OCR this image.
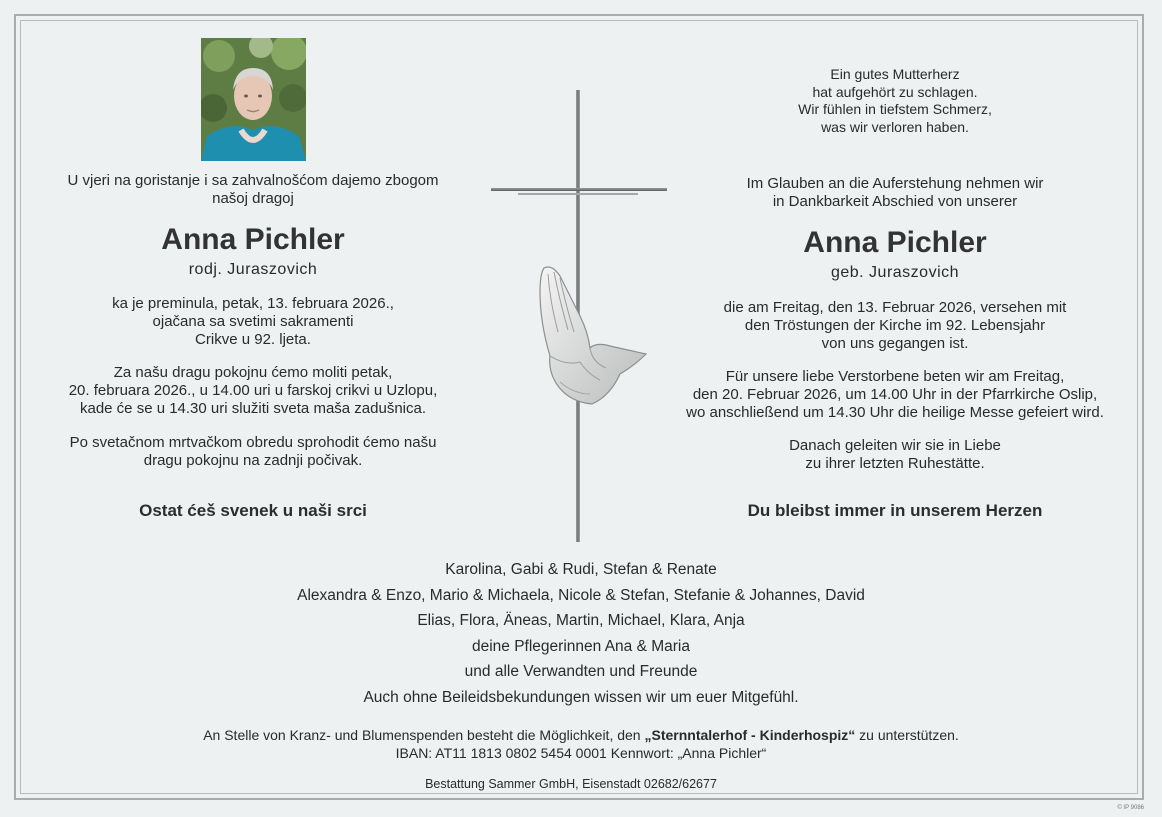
U vjeri na goristanje i sa zahvalnošćom dajemo zbogom

našoj dragoj

Anna Pichler
rodj. Juraszovich

ka je preminula, petak, 13. februara 2026.,

ojačana sa svetimi sakramenti

Crikve u 92. ljeta.

Za našu dragu pokojnu ćemo moliti petak,

20. februara 2026., u 14.00 uri u farskoj crikvi u Uzlopu,

kade će se u 14.30 uri služiti sveta maša zadušnica.

Po svetačnom mrtvačkom obredu sprohodit ćemo našu

dragu pokojnu na zadnji počivak.

Ostat ćeš svenek u naši srci

Ein gutes Mutterherz

hat aufgehört zu schlagen.

Wir fühlen in tiefstem Schmerz,

was wir verloren haben.

Im Glauben an die Auferstehung nehmen wir

in Dankbarkeit Abschied von unserer

Anna Pichler
geb. Juraszovich

die am Freitag, den 13. Februar 2026, versehen mit

den Tröstungen der Kirche im 92. Lebensjahr

von uns gegangen ist.

Für unsere liebe Verstorbene beten wir am Freitag,

den 20. Februar 2026, um 14.00 Uhr in der Pfarrkirche Oslip,

wo anschließend um 14.30 Uhr die heilige Messe gefeiert wird.

Danach geleiten wir sie in Liebe

zu ihrer letzten Ruhestätte.

Du bleibst immer in unserem Herzen

Karolina, Gabi & Rudi, Stefan & Renate

Alexandra & Enzo, Mario & Michaela, Nicole & Stefan, Stefanie & Johannes, David

Elias, Flora, Äneas, Martin, Michael, Klara, Anja

deine Pflegerinnen Ana & Maria

und alle Verwandten und Freunde

Auch ohne Beileidsbekundungen wissen wir um euer Mitgefühl.

An Stelle von Kranz- und Blumenspenden besteht die Möglichkeit, den „Sternntalerhof - Kinderhospiz“ zu unterstützen.

IBAN: AT11 1813 0802 5454 0001 Kennwort: „Anna Pichler“

Bestattung Sammer GmbH, Eisenstadt 02682/62677
© IP 9086
